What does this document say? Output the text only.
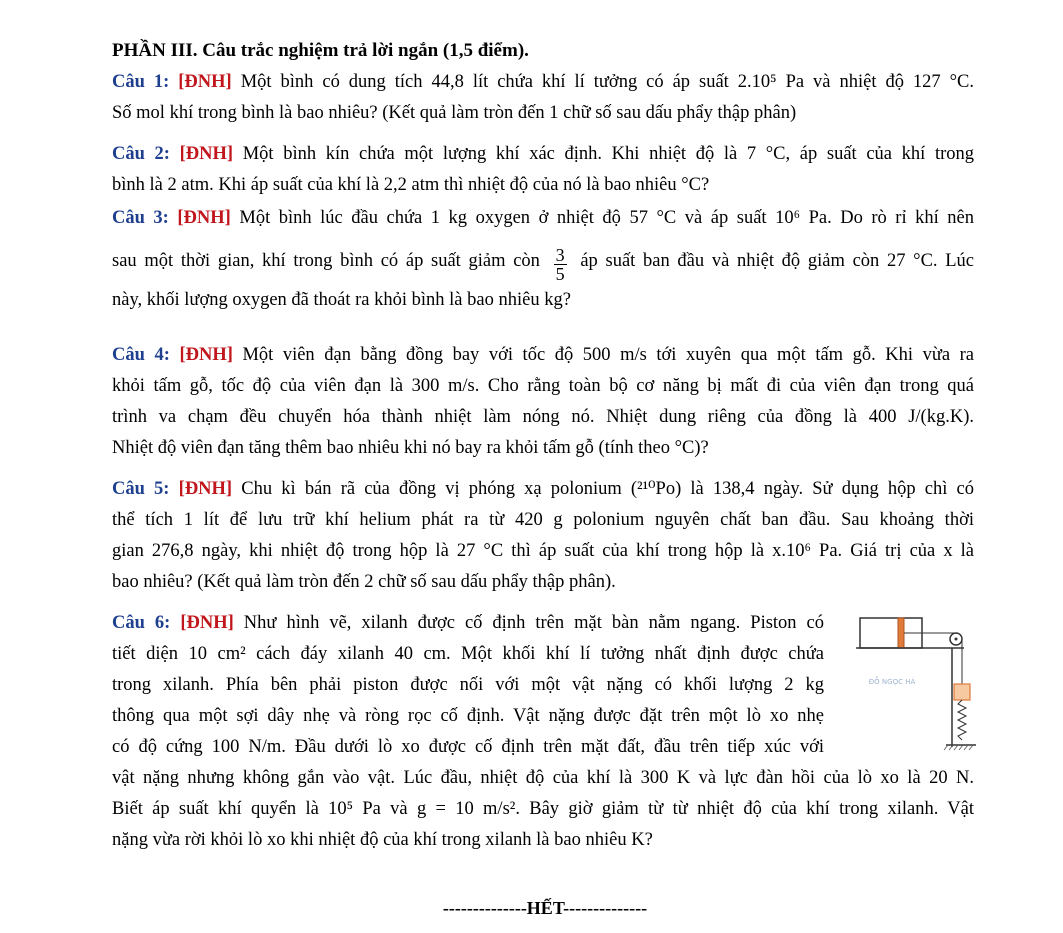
PHẦN III. Câu trắc nghiệm trả lời ngắn (1,5 điểm).
Câu 1: [ĐNH] Một bình có dung tích 44,8 lít chứa khí lí tưởng có áp suất 2.10⁵ Pa và nhiệt độ 127 °C.
Số mol khí trong bình là bao nhiêu? (Kết quả làm tròn đến 1 chữ số sau dấu phẩy thập phân)
Câu 2: [ĐNH] Một bình kín chứa một lượng khí xác định. Khi nhiệt độ là 7 °C, áp suất của khí trong
bình là 2 atm. Khi áp suất của khí là 2,2 atm thì nhiệt độ của nó là bao nhiêu °C?
Câu 3: [ĐNH] Một bình lúc đầu chứa 1 kg oxygen ở nhiệt độ 57 °C và áp suất 10⁶ Pa. Do rò rỉ khí nên
sau một thời gian, khí trong bình có áp suất giảm còn $\frac{3}{5}$ áp suất ban đầu và nhiệt độ giảm còn 27 °C. Lúc
này, khối lượng oxygen đã thoát ra khỏi bình là bao nhiêu kg?
Câu 4: [ĐNH] Một viên đạn bằng đồng bay với tốc độ 500 m/s tới xuyên qua một tấm gỗ. Khi vừa ra
khỏi tấm gỗ, tốc độ của viên đạn là 300 m/s. Cho rằng toàn bộ cơ năng bị mất đi của viên đạn trong quá
trình va chạm đều chuyển hóa thành nhiệt làm nóng nó. Nhiệt dung riêng của đồng là 400 J/(kg.K).
Nhiệt độ viên đạn tăng thêm bao nhiêu khi nó bay ra khỏi tấm gỗ (tính theo °C)?
Câu 5: [ĐNH] Chu kì bán rã của đồng vị phóng xạ polonium (²¹⁰Po) là 138,4 ngày. Sử dụng hộp chì có
thể tích 1 lít để lưu trữ khí helium phát ra từ 420 g polonium nguyên chất ban đầu. Sau khoảng thời
gian 276,8 ngày, khi nhiệt độ trong hộp là 27 °C thì áp suất của khí trong hộp là x.10⁶ Pa. Giá trị của x là
bao nhiêu? (Kết quả làm tròn đến 2 chữ số sau dấu phẩy thập phân).
Câu 6: [ĐNH] Như hình vẽ, xilanh được cố định trên mặt bàn nằm ngang. Piston có
tiết diện 10 cm² cách đáy xilanh 40 cm. Một khối khí lí tưởng nhất định được chứa
trong xilanh. Phía bên phải piston được nối với một vật nặng có khối lượng 2 kg
thông qua một sợi dây nhẹ và ròng rọc cố định. Vật nặng được đặt trên một lò xo nhẹ
có độ cứng 100 N/m. Đầu dưới lò xo được cố định trên mặt đất, đầu trên tiếp xúc với
vật nặng nhưng không gắn vào vật. Lúc đầu, nhiệt độ của khí là 300 K và lực đàn hồi của lò xo là 20 N.
Biết áp suất khí quyển là 10⁵ Pa và g = 10 m/s². Bây giờ giảm từ từ nhiệt độ của khí trong xilanh. Vật
nặng vừa rời khỏi lò xo khi nhiệt độ của khí trong xilanh là bao nhiêu K?
ĐỖ NGỌC HÀ
--------------HẾT--------------
